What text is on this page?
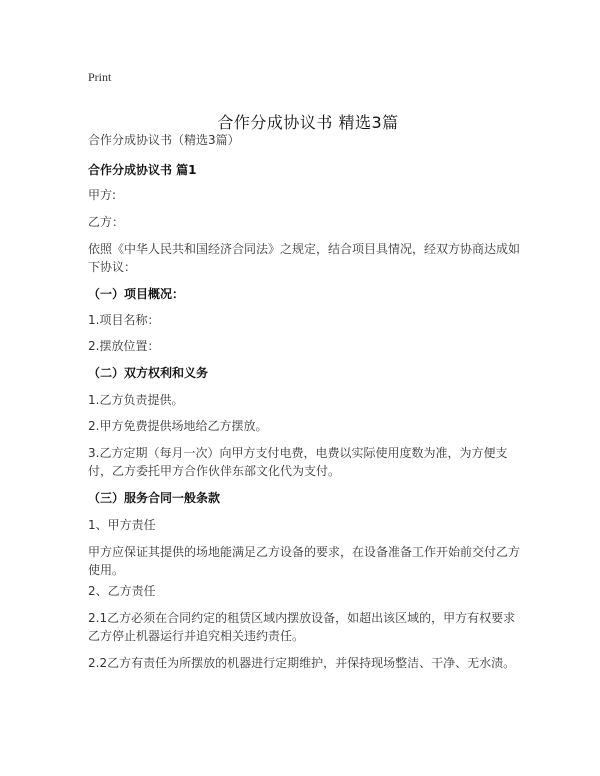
Print
合作分成协议书 精选3篇

合作分成协议书（精选3篇）

合作分成协议书 篇1

甲方:

乙方：

依照《中华人民共和国经济合同法》之规定，结合项目具情况，经双方协商达成如下协议：

（一）项目概况：

1.项目名称：

2.摆放位置：

（二）双方权利和义务

1.乙方负责提供。

2.甲方免费提供场地给乙方摆放。

3.乙方定期（每月一次）向甲方支付电费，电费以实际使用度数为准，为方便支付，乙方委托甲方合作伙伴东部文化代为支付。

（三）服务合同一般条款

1、甲方责任

甲方应保证其提供的场地能满足乙方设备的要求，在设备准备工作开始前交付乙方使用。

2、乙方责任

2.1乙方必须在合同约定的租赁区域内摆放设备，如超出该区域的，甲方有权要求乙方停止机器运行并追究相关违约责任。

2.2乙方有责任为所摆放的机器进行定期维护，并保持现场整洁、干净、无水渍。
